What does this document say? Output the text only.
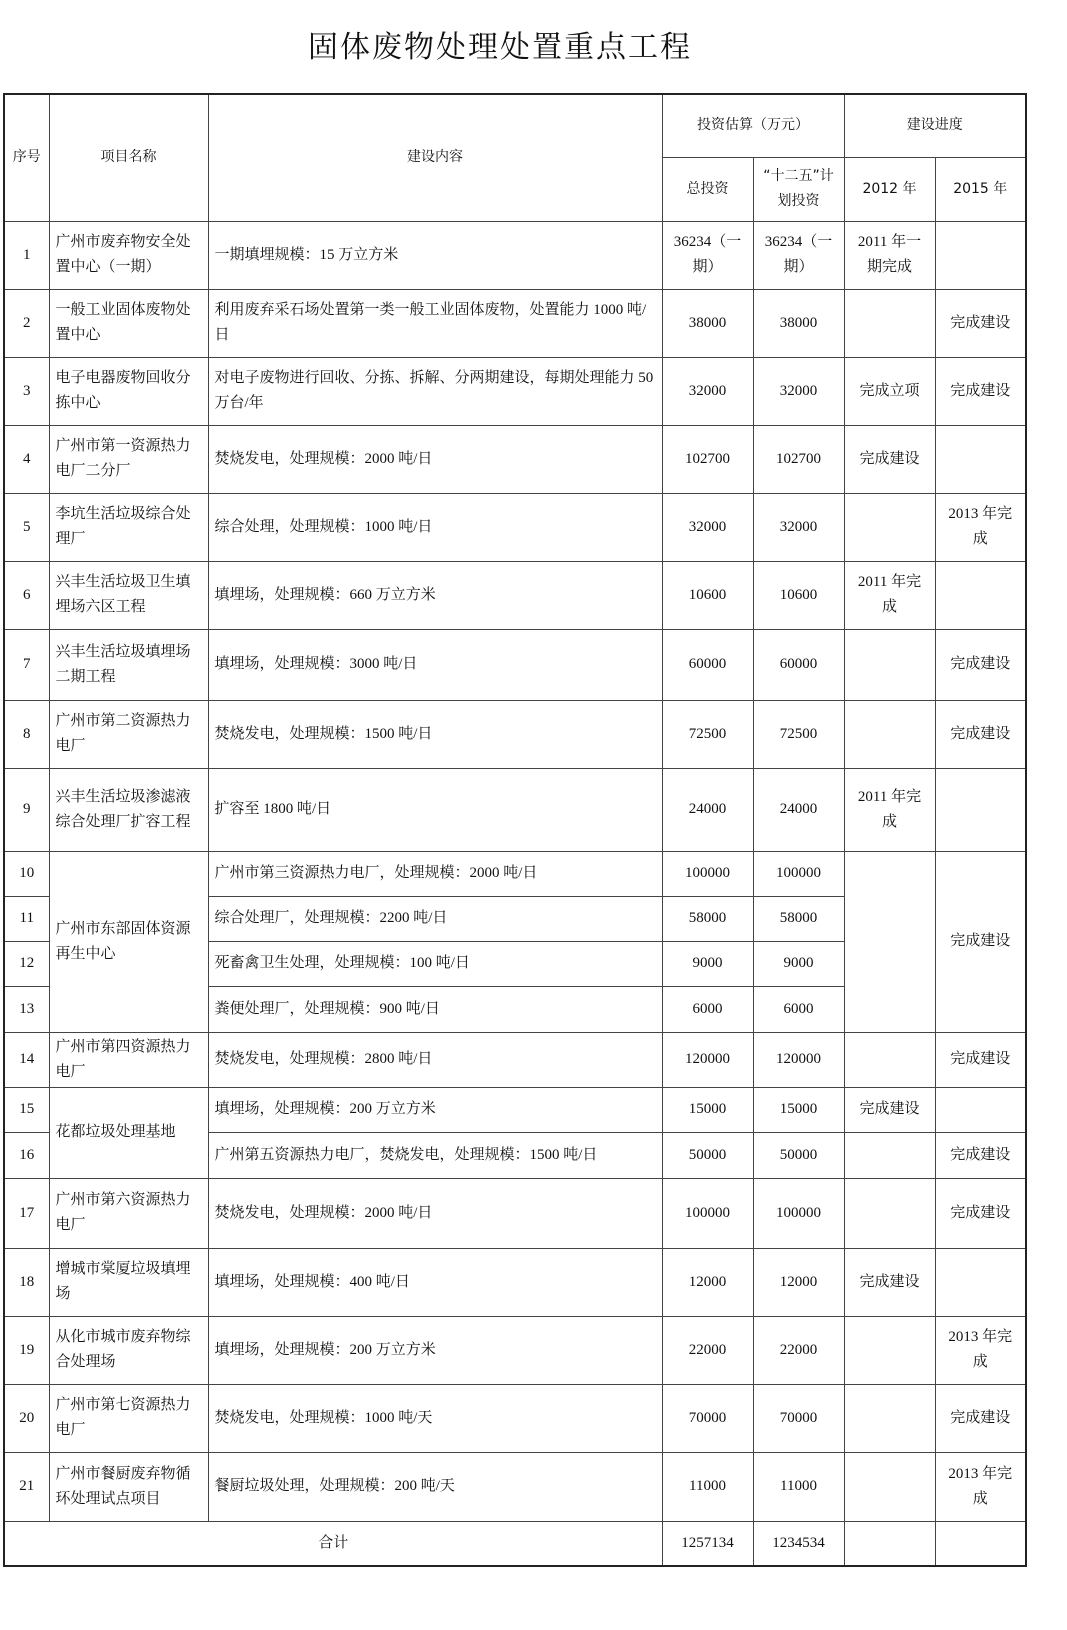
固体废物处理处置重点工程
序号	项目名称	建设内容	投资估算（万元）		建设进度	
			总投资	“十二五”计划投资	2012 年	2015 年
1	广州市废弃物安全处置中心（一期）	一期填埋规模：15 万立方米	36234（一期）	36234（一期）	2011 年一期完成	
2	一般工业固体废物处置中心	利用废弃采石场处置第一类一般工业固体废物，处置能力 1000 吨/日	38000	38000		完成建设
3	电子电器废物回收分拣中心	对电子废物进行回收、分拣、拆解、分两期建设，每期处理能力 50 万台/年	32000	32000	完成立项	完成建设
4	广州市第一资源热力电厂二分厂	焚烧发电，处理规模：2000 吨/日	102700	102700	完成建设	
5	李坑生活垃圾综合处理厂	综合处理，处理规模：1000 吨/日	32000	32000		2013 年完成
6	兴丰生活垃圾卫生填埋场六区工程	填埋场，处理规模：660 万立方米	10600	10600	2011 年完成	
7	兴丰生活垃圾填埋场二期工程	填埋场，处理规模：3000 吨/日	60000	60000		完成建设
8	广州市第二资源热力电厂	焚烧发电，处理规模：1500 吨/日	72500	72500		完成建设
9	兴丰生活垃圾渗滤液综合处理厂扩容工程	扩容至 1800 吨/日	24000	24000	2011 年完成	
10	广州市东部固体资源再生中心	广州市第三资源热力电厂，处理规模：2000 吨/日	100000	100000		完成建设
11		综合处理厂，处理规模：2200 吨/日	58000	58000		
12		死畜禽卫生处理，处理规模：100 吨/日	9000	9000		
13		粪便处理厂，处理规模：900 吨/日	6000	6000		
14	广州市第四资源热力电厂	焚烧发电，处理规模：2800 吨/日	120000	120000		完成建设
15	花都垃圾处理基地	填埋场，处理规模：200 万立方米	15000	15000	完成建设	
16		广州第五资源热力电厂，焚烧发电，处理规模：1500 吨/日	50000	50000		完成建设
17	广州市第六资源热力电厂	焚烧发电，处理规模：2000 吨/日	100000	100000		完成建设
18	增城市棠厦垃圾填埋场	填埋场，处理规模：400 吨/日	12000	12000	完成建设	
19	从化市城市废弃物综合处理场	填埋场，处理规模：200 万立方米	22000	22000		2013 年完成
20	广州市第七资源热力电厂	焚烧发电，处理规模：1000 吨/天	70000	70000		完成建设
21	广州市餐厨废弃物循环处理试点项目	餐厨垃圾处理，处理规模：200 吨/天	11000	11000		2013 年完成
合计			1257134	1234534		
